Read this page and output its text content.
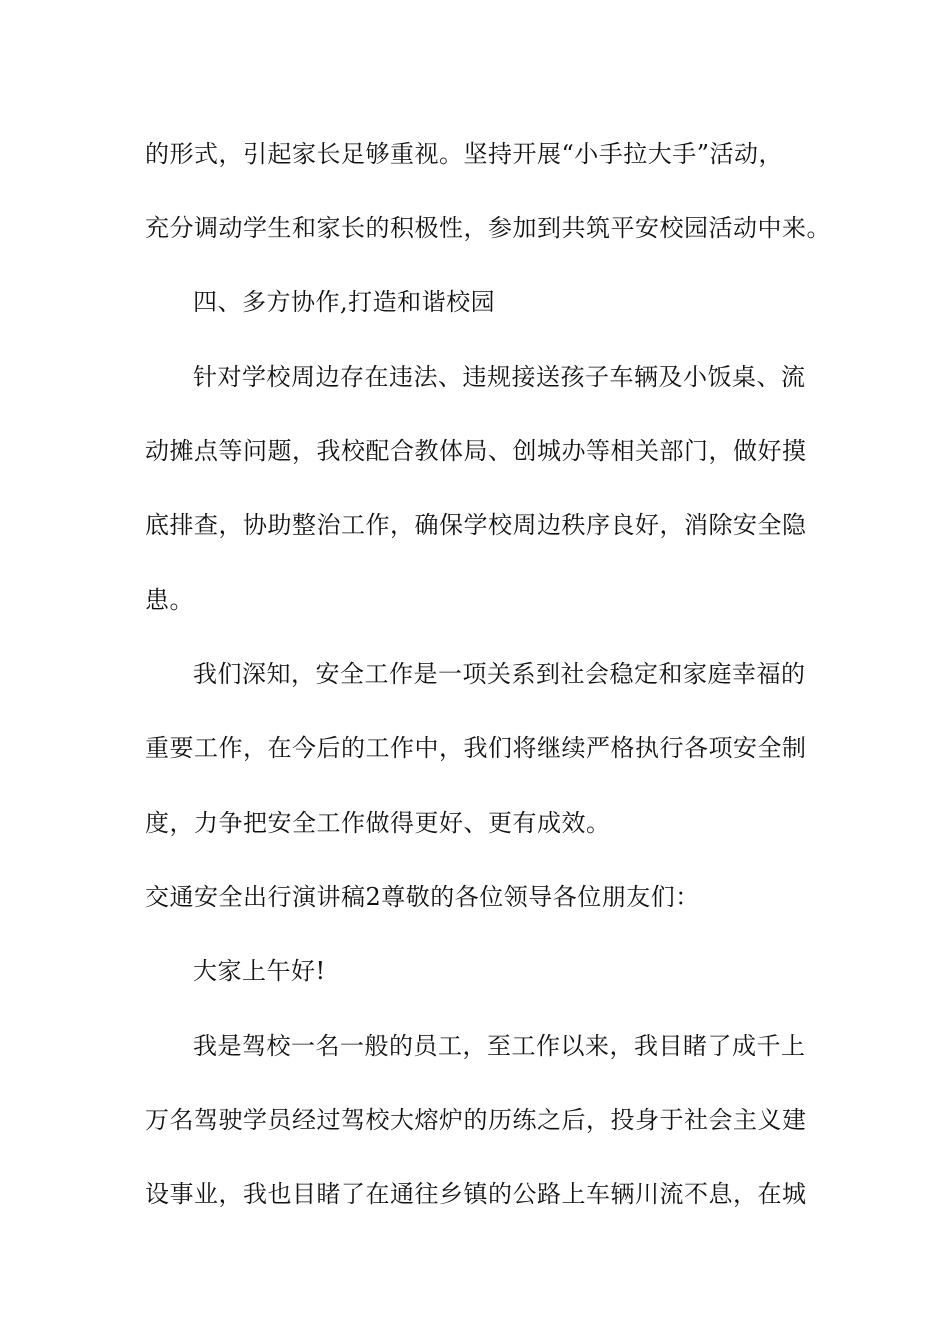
的形式，引起家长足够重视。坚持开展“小手拉大手”活动，
充分调动学生和家长的积极性，参加到共筑平安校园活动中来。
四、多方协作,打造和谐校园
针对学校周边存在违法、违规接送孩子车辆及小饭桌、流
动摊点等问题，我校配合教体局、创城办等相关部门，做好摸
底排查，协助整治工作，确保学校周边秩序良好，消除安全隐
患。
我们深知，安全工作是一项关系到社会稳定和家庭幸福的
重要工作，在今后的工作中，我们将继续严格执行各项安全制
度，力争把安全工作做得更好、更有成效。
交通安全出行演讲稿2尊敬的各位领导各位朋友们：
大家上午好!
我是驾校一名一般的员工，至工作以来，我目睹了成千上
万名驾驶学员经过驾校大熔炉的历练之后，投身于社会主义建
设事业，我也目睹了在通往乡镇的公路上车辆川流不息，在城
